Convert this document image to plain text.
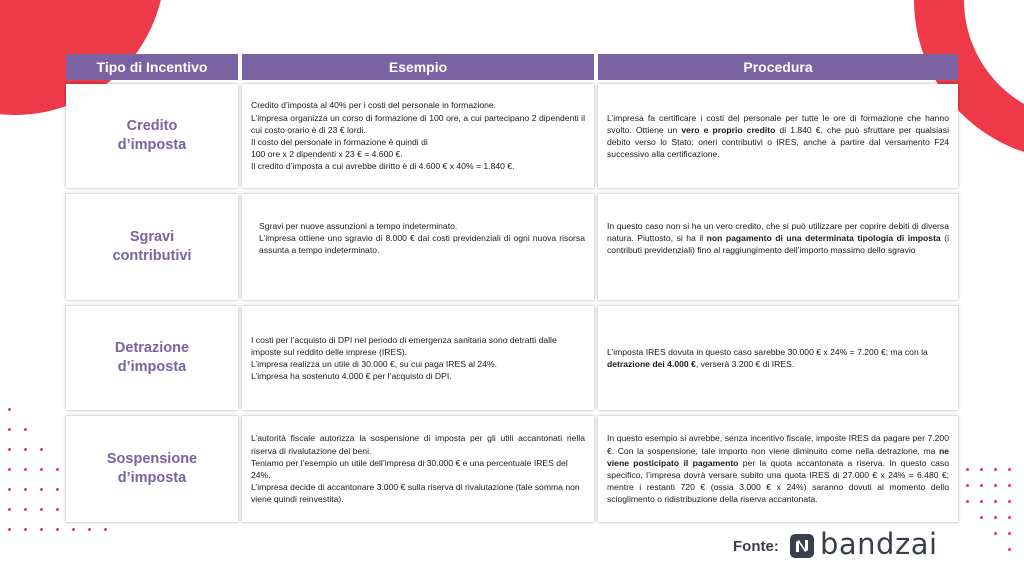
Tipo di Incentivo	Esempio	Procedura
Credito
d’imposta

Credito d’imposta al 40% per i costi del personale in formazione.

L’impresa organizza un corso di formazione di 100 ore, a cui partecipano 2 dipendenti il cui costo orario è di 23 € lordi.

Il costo del personale in formazione è quindi di

100 ore x 2 dipendenti x 23 € = 4.600 €.

Il credito d’imposta a cui avrebbe diritto è di 4.600 € x 40% = 1.840 €.

L’impresa fa certificare i costi del personale per tutte le ore di formazione che hanno svolto. Ottiene un vero e proprio credito di 1.840 €, che può sfruttare per qualsiasi debito verso lo Stato: oneri contributivi o IRES, anche a partire dal versamento F24 successivo alla certificazione.

Sgravi
contributivi

Sgravi per nuove assunzioni a tempo indeterminato.

L’impresa ottiene uno sgravio di 8.000 € dai costi previdenziali di ogni nuova risorsa assunta a tempo indeterminato.

In questo caso non si ha un vero credito, che si può utilizzare per coprire debiti di diversa natura. Piuttosto, si ha il non pagamento di una determinata tipologia di imposta (i contributi previdenziali) fino al raggiungimento dell’importo massimo dello sgravio

Detrazione
d’imposta

I costi per l’acquisto di DPI nel periodo di emergenza sanitaria sono detratti dalle imposte sul reddito delle imprese (IRES).

L’impresa realizza un utile di 30.000 €, su cui paga IRES al 24%.

L’impresa ha sostenuto 4.000 € per l’acquisto di DPI.

L’imposta IRES dovuta in questo caso sarebbe 30.000 € x 24% = 7.200 €; ma con la detrazione dei 4.000 €, verserà 3.200 € di IRES.

Sospensione
d’imposta

L’autorità fiscale autorizza la sospensione di imposta per gli utili accantonati nella riserva di rivalutazione dei beni.

Teniamo per l’esempio un utile dell’impresa di 30.000 € e una percentuale IRES del 24%.

L’impresa decide di accantonare 3.000 € sulla riserva di rivalutazione (tale somma non viene quindi reinvestita).

In questo esempio si avrebbe, senza incentivo fiscale, imposte IRES da pagare per 7.200 €. Con la sospensione, tale importo non viene diminuito come nella detrazione, ma ne viene posticipato il pagamento per la quota accantonata a riserva. In questo caso specifico, l’impresa dovrà versare subito una quota IRES di 27.000 € x 24% = 6.480 €; mentre i restanti 720 € (ossia 3.000 € x 24%) saranno dovuti al momento dello scioglimento o ridistribuzione della riserva accantonata.

Fonte: bandzai
